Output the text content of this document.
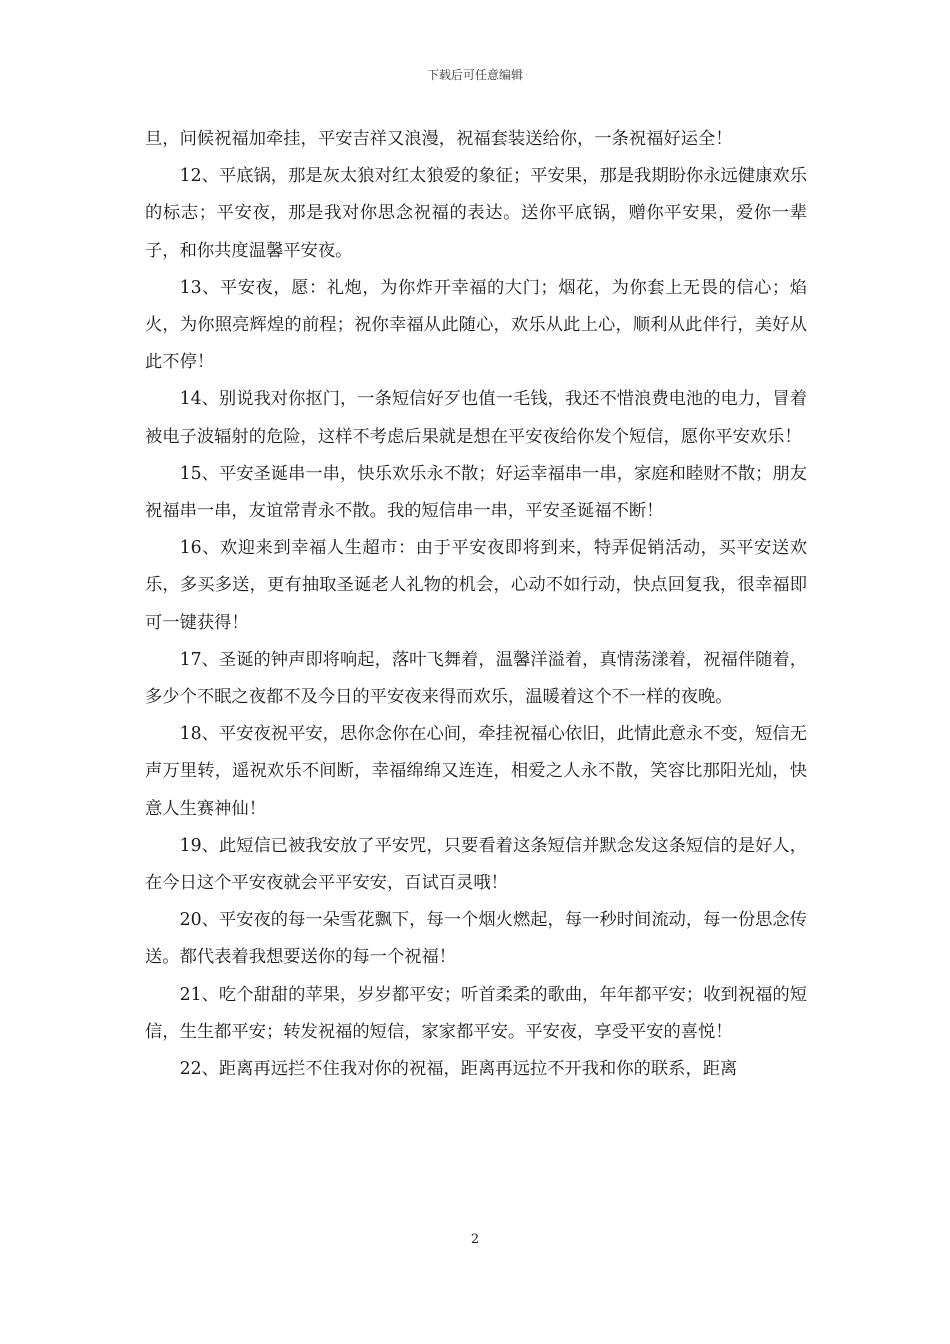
下载后可任意编辑

旦，问候祝福加牵挂，平安吉祥又浪漫，祝福套装送给你，一条祝福好运全！

12、平底锅，那是灰太狼对红太狼爱的象征；平安果，那是我期盼你永远健康欢乐的标志；平安夜，那是我对你思念祝福的表达。送你平底锅，赠你平安果，爱你一辈子，和你共度温馨平安夜。

13、平安夜，愿：礼炮，为你炸开幸福的大门；烟花，为你套上无畏的信心；焰火，为你照亮辉煌的前程；祝你幸福从此随心，欢乐从此上心，顺利从此伴行，美好从此不停！

14、别说我对你抠门，一条短信好歹也值一毛钱，我还不惜浪费电池的电力，冒着被电子波辐射的危险，这样不考虑后果就是想在平安夜给你发个短信，愿你平安欢乐！

15、平安圣诞串一串，快乐欢乐永不散；好运幸福串一串，家庭和睦财不散；朋友祝福串一串，友谊常青永不散。我的短信串一串，平安圣诞福不断！

16、欢迎来到幸福人生超市：由于平安夜即将到来，特弄促销活动，买平安送欢乐，多买多送，更有抽取圣诞老人礼物的机会，心动不如行动，快点回复我，很幸福即可一键获得！

17、圣诞的钟声即将响起，落叶飞舞着，温馨洋溢着，真情荡漾着，祝福伴随着，多少个不眠之夜都不及今日的平安夜来得而欢乐，温暖着这个不一样的夜晚。

18、平安夜祝平安，思你念你在心间，牵挂祝福心依旧，此情此意永不变，短信无声万里转，遥祝欢乐不间断，幸福绵绵又连连，相爱之人永不散，笑容比那阳光灿，快意人生赛神仙！

19、此短信已被我安放了平安咒，只要看着这条短信并默念发这条短信的是好人，在今日这个平安夜就会平平安安，百试百灵哦！

20、平安夜的每一朵雪花飘下，每一个烟火燃起，每一秒时间流动，每一份思念传送。都代表着我想要送你的每一个祝福！

21、吃个甜甜的苹果，岁岁都平安；听首柔柔的歌曲，年年都平安；收到祝福的短信，生生都平安；转发祝福的短信，家家都平安。平安夜，享受平安的喜悦！

22、距离再远拦不住我对你的祝福，距离再远拉不开我和你的联系，距离

2
